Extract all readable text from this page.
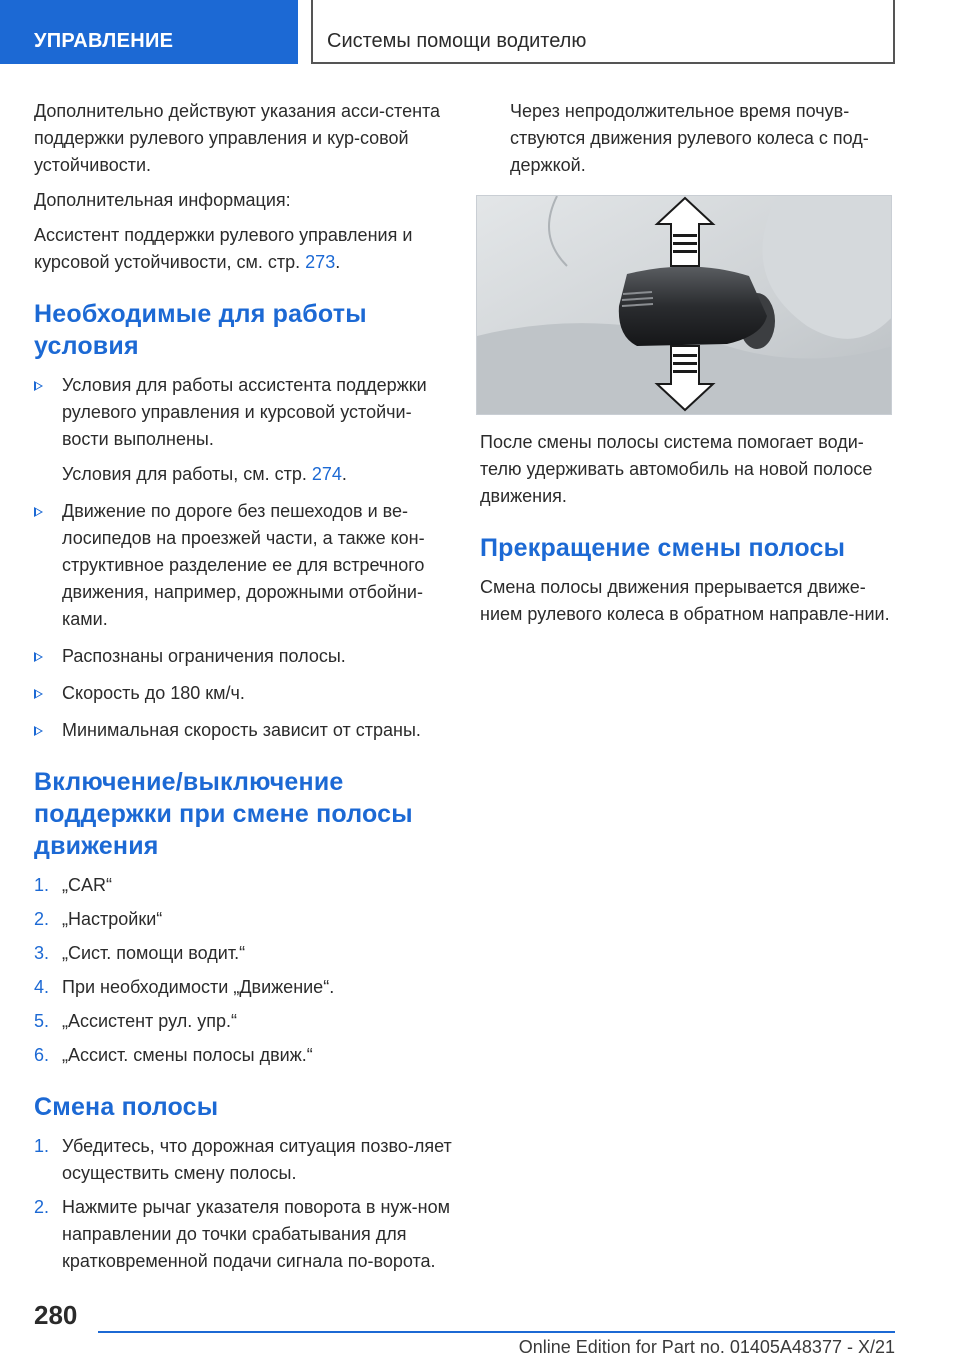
УПРАВЛЕНИЕ	Системы помощи водителю

Дополнительно действуют указания асси-стента поддержки рулевого управления и кур-совой устойчивости.

Дополнительная информация:

Ассистент поддержки рулевого управления и курсовой устойчивости, см. стр. 273.

Необходимые для работы условия

Условия для работы ассистента поддержки рулевого управления и курсовой устойчи-вости выполнены.

Условия для работы, см. стр. 274.

Движение по дороге без пешеходов и ве-лосипедов на проезжей части, а также кон-структивное разделение ее для встречного движения, например, дорожными отбойни-ками.

Распознаны ограничения полосы.

Скорость до 180 км/ч.

Минимальная скорость зависит от страны.

Включение/выключение поддержки при смене полосы движения
1. „CAR“
2. „Настройки“
3. „Сист. помощи водит.“
4. При необходимости „Движение“.
5. „Ассистент рул. упр.“
6. „Ассист. смены полосы движ.“
Смена полосы
1. Убедитесь, что дорожная ситуация позво-ляет осуществить смену полосы.
2. Нажмите рычаг указателя поворота в нуж-ном направлении до точки срабатывания для кратковременной подачи сигнала по-ворота.

Через непродолжительное время почув-ствуются движения рулевого колеса с под-держкой.

После смены полосы система помогает води-телю удерживать автомобиль на новой полосе движения.

Прекращение смены полосы

Смена полосы движения прерывается движе-нием рулевого колеса в обратном направле-нии.

280
Online Edition for Part no. 01405A48377 - X/21
